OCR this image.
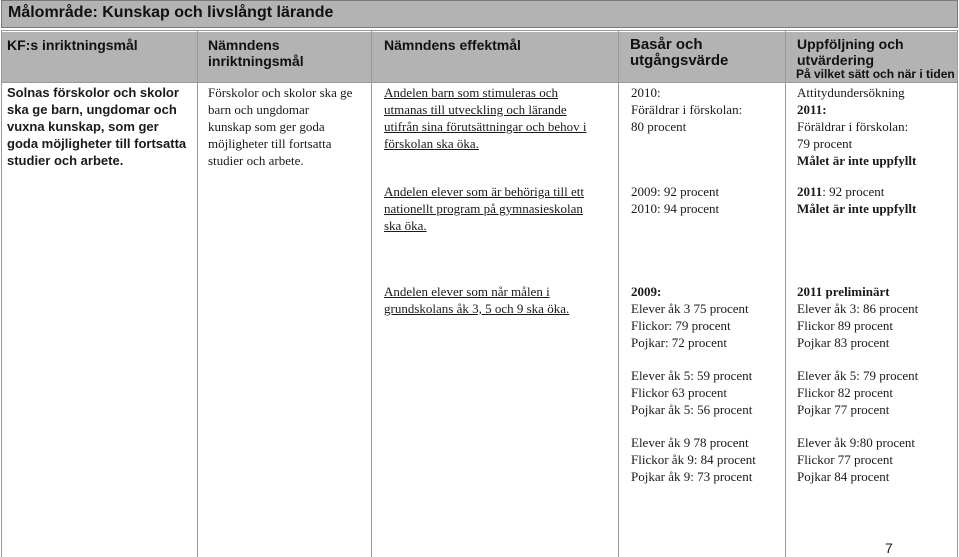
Målområde: Kunskap och livslångt lärande
KF:s inriktningsmål	Nämndens
inriktningsmål
Nämndens effektmål	Basår och
utgångsvärde
Uppföljning och
utvärdering
På vilket sätt och när i tiden
Solnas förskolor och skolor
ska ge barn, ungdomar och
vuxna kunskap, som ger
goda möjligheter till fortsatta
studier och arbete.
Förskolor och skolor ska ge
barn och ungdomar
kunskap som ger goda
möjligheter till fortsatta
studier och arbete.
Andelen barn som stimuleras och
utmanas till utveckling och lärande
utifrån sina förutsättningar och behov i
förskolan ska öka.
2010:
Föräldrar i förskolan:
80 procent
Attitydundersökning
2011:
Föräldrar i förskolan:
79 procent
Målet är inte uppfyllt
Andelen elever som är behöriga till ett
nationellt program på gymnasieskolan
ska öka.
2009: 92 procent
2010: 94 procent
2011: 92 procent
Målet är inte uppfyllt
Andelen elever som når målen i
grundskolans åk 3, 5 och 9 ska öka.
2009:
Elever åk 3 75 procent
Flickor: 79 procent
Pojkar: 72 procent
Elever åk 5: 59 procent
Flickor 63 procent
Pojkar åk 5: 56 procent
Elever åk 9 78 procent
Flickor åk 9: 84 procent
Pojkar åk 9: 73 procent
2011 preliminärt
Elever åk 3: 86 procent
Flickor 89 procent
Pojkar 83 procent
Elever åk 5: 79 procent
Flickor 82 procent
Pojkar 77 procent
Elever åk 9:80 procent
Flickor 77 procent
Pojkar 84 procent
7
